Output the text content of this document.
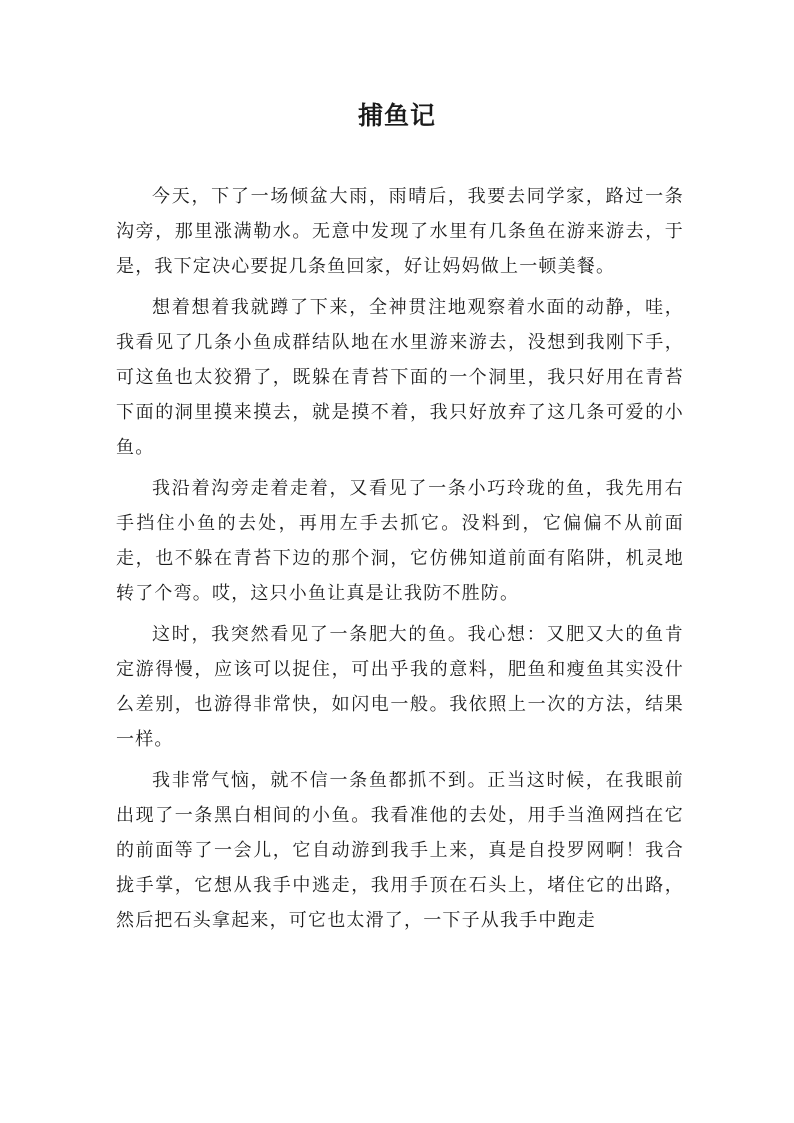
捕鱼记

今天，下了一场倾盆大雨，雨晴后，我要去同学家，路过一条沟旁，那里涨满勒水。无意中发现了水里有几条鱼在游来游去，于是，我下定决心要捉几条鱼回家，好让妈妈做上一顿美餐。

想着想着我就蹲了下来，全神贯注地观察着水面的动静，哇，我看见了几条小鱼成群结队地在水里游来游去，没想到我刚下手，可这鱼也太狡猾了，既躲在青苔下面的一个洞里，我只好用在青苔下面的洞里摸来摸去，就是摸不着，我只好放弃了这几条可爱的小鱼。

我沿着沟旁走着走着，又看见了一条小巧玲珑的鱼，我先用右手挡住小鱼的去处，再用左手去抓它。没料到，它偏偏不从前面走，也不躲在青苔下边的那个洞，它仿佛知道前面有陷阱，机灵地转了个弯。哎，这只小鱼让真是让我防不胜防。

这时，我突然看见了一条肥大的鱼。我心想：又肥又大的鱼肯定游得慢，应该可以捉住，可出乎我的意料，肥鱼和瘦鱼其实没什么差别，也游得非常快，如闪电一般。我依照上一次的方法，结果一样。

我非常气恼，就不信一条鱼都抓不到。正当这时候，在我眼前出现了一条黑白相间的小鱼。我看准他的去处，用手当渔网挡在它的前面等了一会儿，它自动游到我手上来，真是自投罗网啊！我合拢手掌，它想从我手中逃走，我用手顶在石头上，堵住它的出路，然后把石头拿起来，可它也太滑了，一下子从我手中跑走
